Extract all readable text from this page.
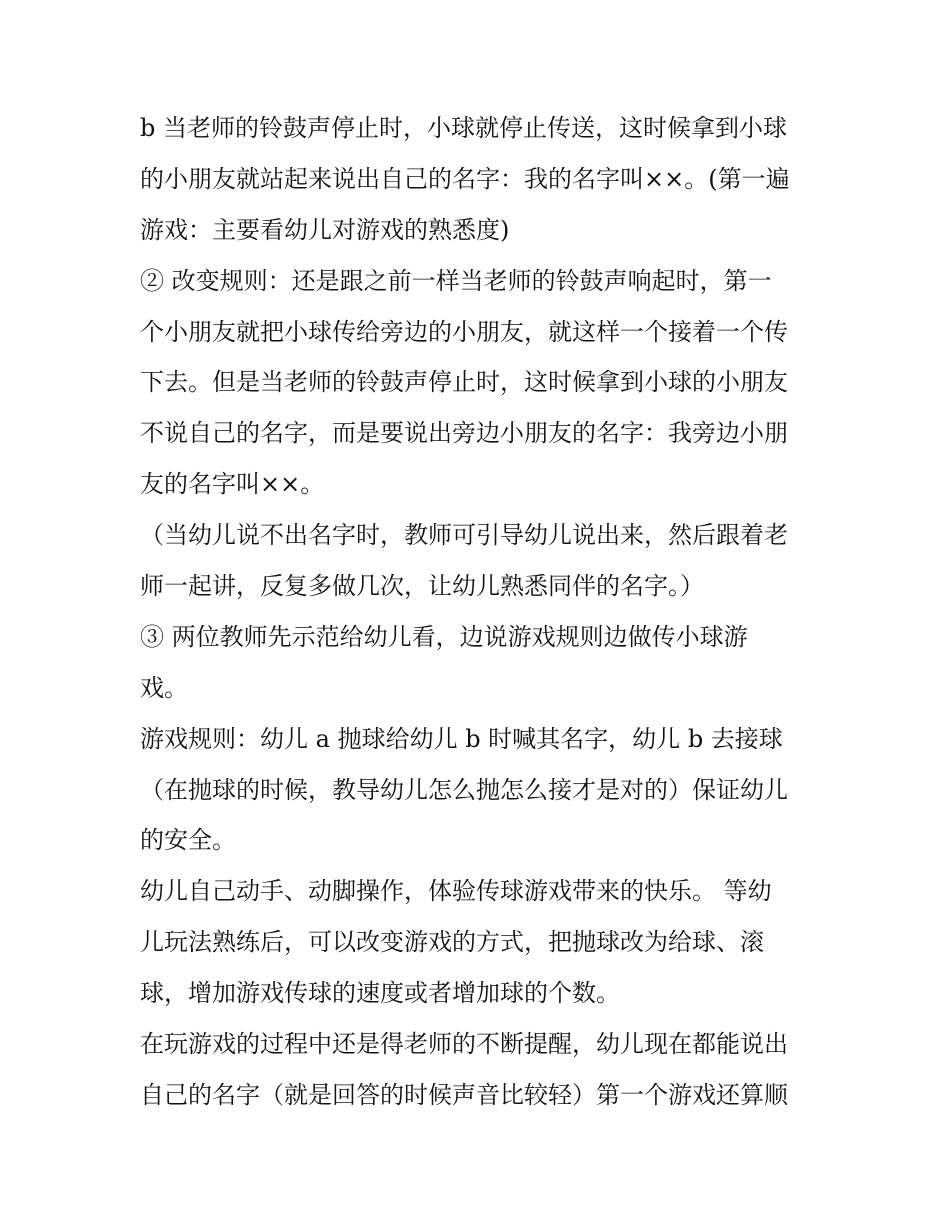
b 当老师的铃鼓声停止时，小球就停止传送，这时候拿到小球
的小朋友就站起来说出自己的名字：我的名字叫××。(第一遍
游戏：主要看幼儿对游戏的熟悉度)
② 改变规则：还是跟之前一样当老师的铃鼓声响起时，第一
个小朋友就把小球传给旁边的小朋友，就这样一个接着一个传
下去。但是当老师的铃鼓声停止时，这时候拿到小球的小朋友
不说自己的名字，而是要说出旁边小朋友的名字：我旁边小朋
友的名字叫××。
（当幼儿说不出名字时，教师可引导幼儿说出来，然后跟着老
师一起讲，反复多做几次，让幼儿熟悉同伴的名字。）
③ 两位教师先示范给幼儿看，边说游戏规则边做传小球游
戏。
游戏规则：幼儿 a 抛球给幼儿 b 时喊其名字，幼儿 b 去接球
（在抛球的时候，教导幼儿怎么抛怎么接才是对的）保证幼儿
的安全。
幼儿自己动手、动脚操作，体验传球游戏带来的快乐。 等幼
儿玩法熟练后，可以改变游戏的方式，把抛球改为给球、滚
球，增加游戏传球的速度或者增加球的个数。
在玩游戏的过程中还是得老师的不断提醒，幼儿现在都能说出
自己的名字（就是回答的时候声音比较轻）第一个游戏还算顺
